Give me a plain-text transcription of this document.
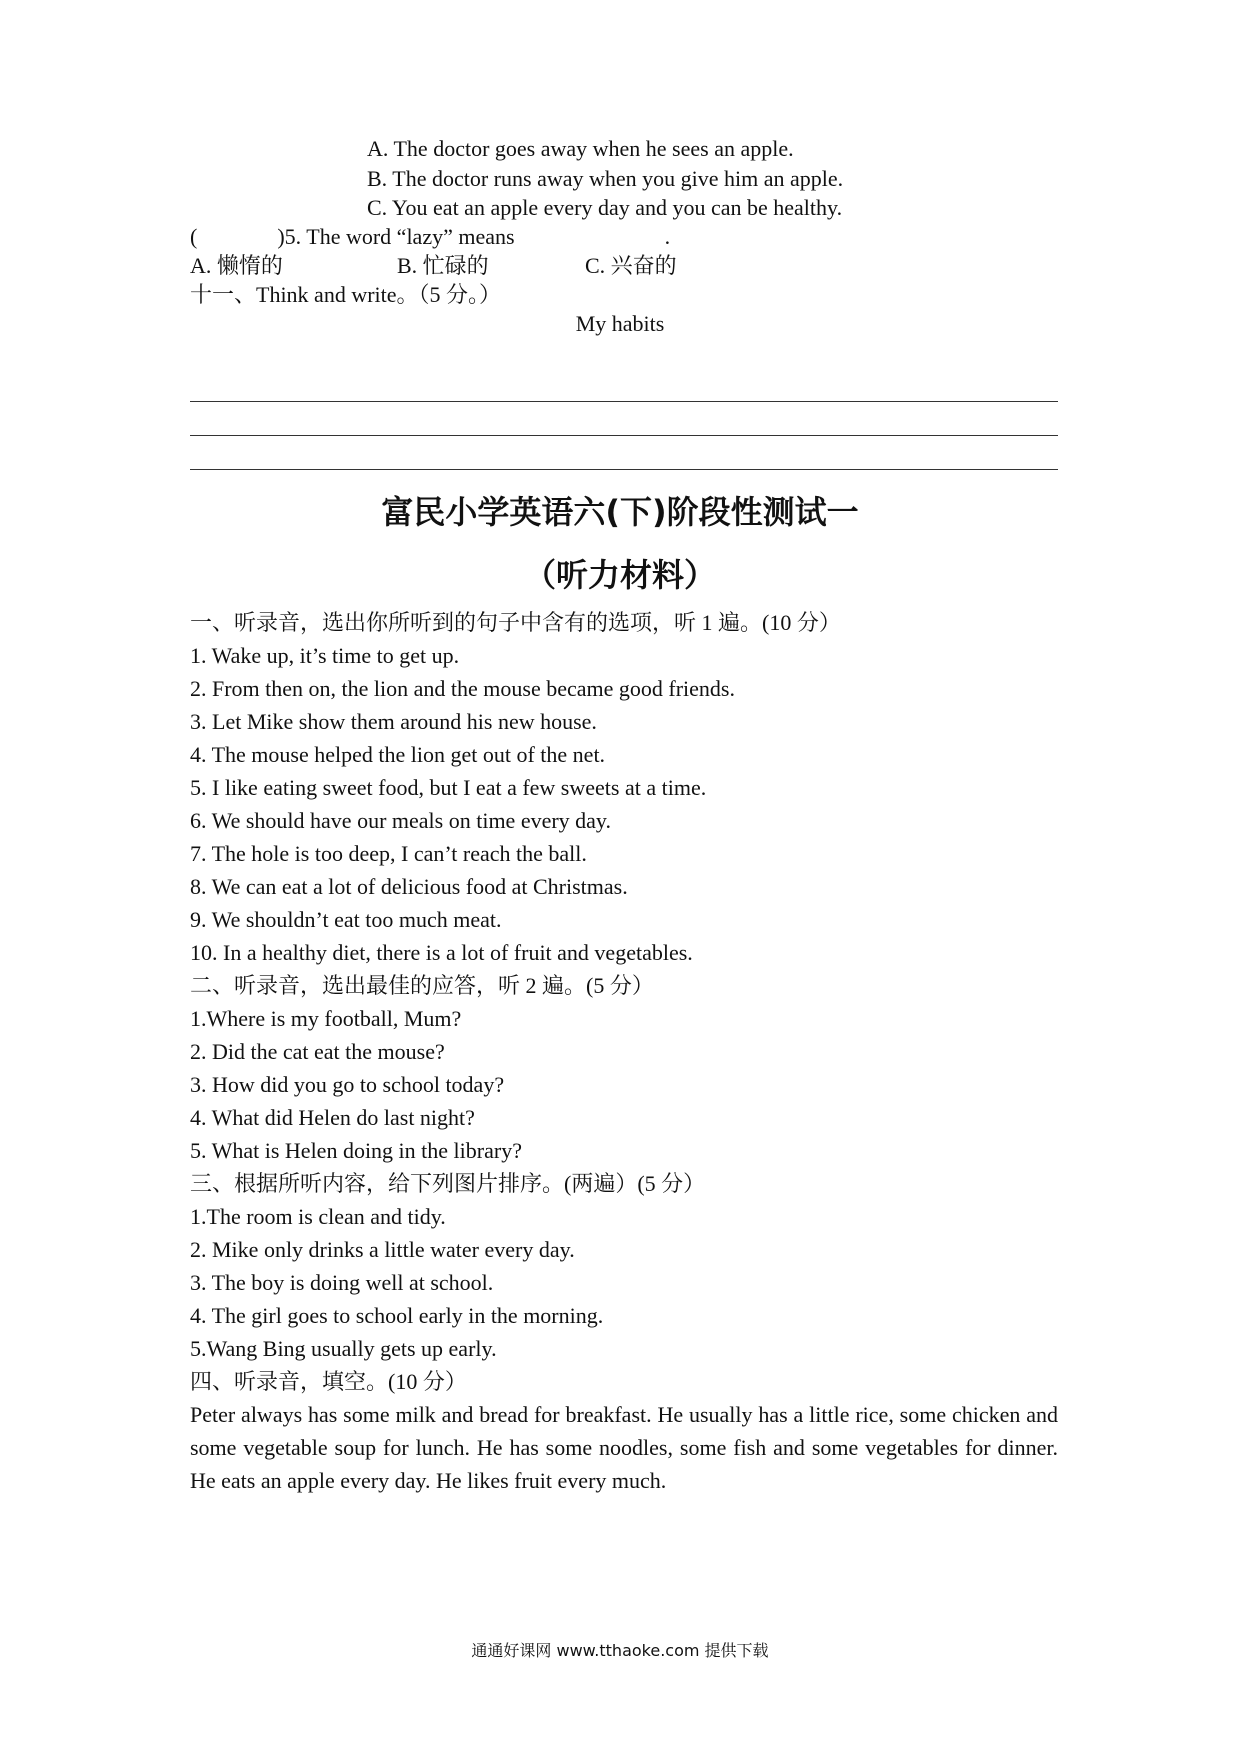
A. The doctor goes away when he sees an apple.
B. The doctor runs away when you give him an apple.
C. You eat an apple every day and you can be healthy.
(	)5. The word “lazy” means	.
A. 懒惰的	B. 忙碌的	C. 兴奋的
十一、Think and write。（5 分。）
My habits
富民小学英语六(下)阶段性测试一
（听力材料）
一、听录音，选出你所听到的句子中含有的选项，听 1 遍。(10 分）
1. Wake up, it’s time to get up.
2. From then on, the lion and the mouse became good friends.
3. Let Mike show them around his new house.
4. The mouse helped the lion get out of the net.
5. I like eating sweet food, but I eat a few sweets at a time.
6. We should have our meals on time every day.
7. The hole is too deep, I can’t reach the ball.
8. We can eat a lot of delicious food at Christmas.
9. We shouldn’t eat too much meat.
10. In a healthy diet, there is a lot of fruit and vegetables.
二、听录音，选出最佳的应答，听 2 遍。(5 分）
1.Where is my football, Mum?
2. Did the cat eat the mouse?
3. How did you go to school today?
4. What did Helen do last night?
5. What is Helen doing in the library?
三、根据所听内容，给下列图片排序。(两遍）(5 分）
1.The room is clean and tidy.
2. Mike only drinks a little water every day.
3. The boy is doing well at school.
4. The girl goes to school early in the morning.
5.Wang Bing usually gets up early.
四、听录音，填空。(10 分）
Peter always has some milk and bread for breakfast. He usually has a little rice, some chicken and some vegetable soup for lunch. He has some noodles, some fish and some vegetables for dinner. He eats an apple every day. He likes fruit every much.
通通好课网 www.tthaoke.com 提供下载
